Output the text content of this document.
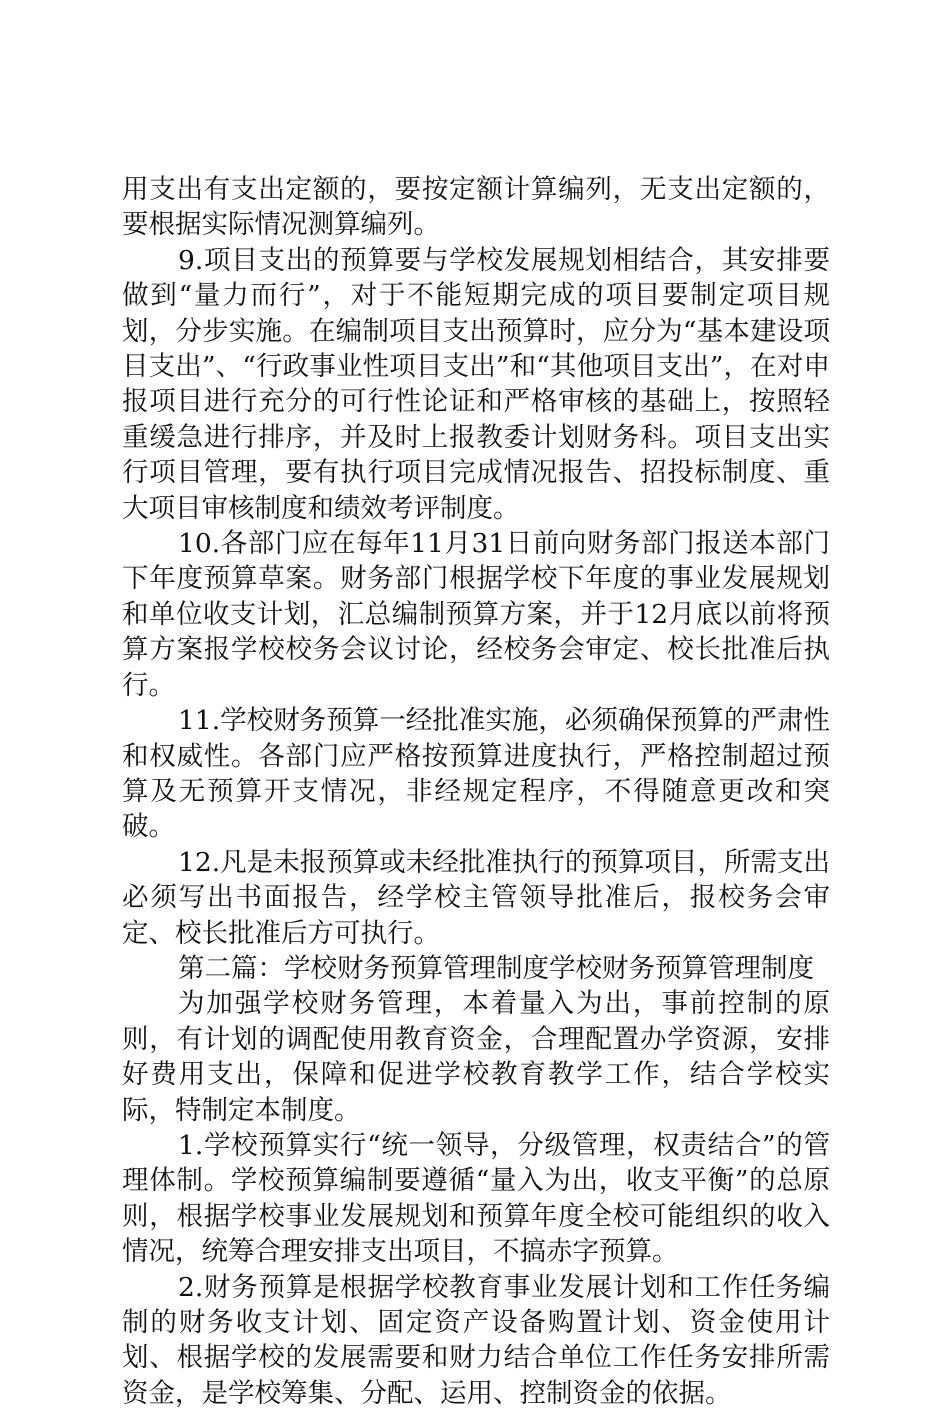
用支出有支出定额的，要按定额计算编列，无支出定额的，要根据实际情况测算编列。

9.项目支出的预算要与学校发展规划相结合，其安排要做到“量力而行”，对于不能短期完成的项目要制定项目规划，分步实施。在编制项目支出预算时，应分为“基本建设项目支出”、“行政事业性项目支出”和“其他项目支出”，在对申报项目进行充分的可行性论证和严格审核的基础上，按照轻重缓急进行排序，并及时上报教委计划财务科。项目支出实行项目管理，要有执行项目完成情况报告、招投标制度、重大项目审核制度和绩效考评制度。

10.各部门应在每年11月31日前向财务部门报送本部门下年度预算草案。财务部门根据学校下年度的事业发展规划和单位收支计划，汇总编制预算方案，并于12月底以前将预算方案报学校校务会议讨论，经校务会审定、校长批准后执行。

11.学校财务预算一经批准实施，必须确保预算的严肃性和权威性。各部门应严格按预算进度执行，严格控制超过预算及无预算开支情况，非经规定程序，不得随意更改和突破。

12.凡是未报预算或未经批准执行的预算项目，所需支出必须写出书面报告，经学校主管领导批准后，报校务会审定、校长批准后方可执行。

第二篇：学校财务预算管理制度学校财务预算管理制度

为加强学校财务管理，本着量入为出，事前控制的原则，有计划的调配使用教育资金，合理配置办学资源，安排好费用支出，保障和促进学校教育教学工作，结合学校实际，特制定本制度。

1.学校预算实行“统一领导，分级管理，权责结合”的管理体制。学校预算编制要遵循“量入为出，收支平衡”的总原则，根据学校事业发展规划和预算年度全校可能组织的收入情况，统筹合理安排支出项目，不搞赤字预算。

2.财务预算是根据学校教育事业发展计划和工作任务编制的财务收支计划、固定资产设备购置计划、资金使用计划、根据学校的发展需要和财力结合单位工作任务安排所需资金，是学校筹集、分配、运用、控制资金的依据。
